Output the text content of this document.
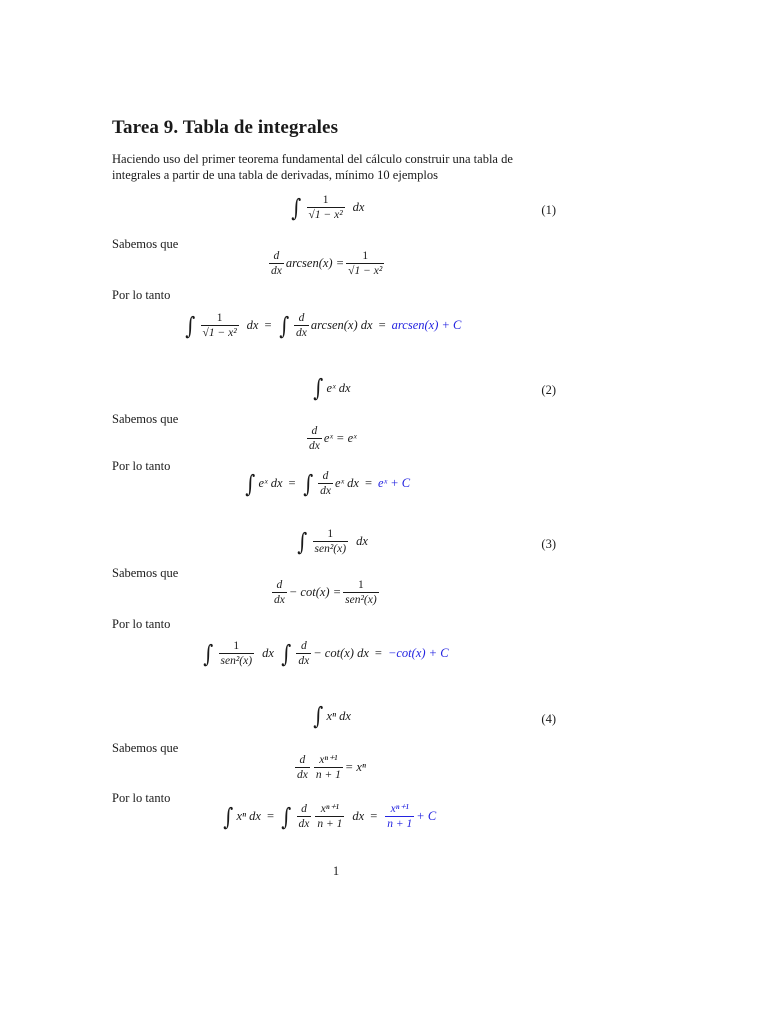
Tarea 9. Tabla de integrales

Haciendo uso del primer teorema fundamental del cálculo construir una tabla de integrales a partir de una tabla de derivadas, mínimo 10 ejemplos

∫ $\frac{1}{\text{√1 − x²}}$ dx	(1)
Sabemos que
$\frac{d}{dx}$ arcsen(x) = $\frac{1}{\text{√1 − x²}}$
Por lo tanto
∫ $\frac{1}{\text{√1 − x²}}$ dx = ∫ $\frac{d}{dx}$ arcsen(x) dx = arcsen(x) + C
∫ eˣ dx	(2)
Sabemos que
$\frac{d}{dx}$ eˣ = eˣ
Por lo tanto
∫ eˣ dx = ∫ $\frac{d}{dx}$ eˣ dx = eˣ + C
∫ $\frac{1}{\text{sen²(x)}}$ dx	(3)
Sabemos que
$\frac{d}{dx} - \cot(x) = \frac{1}{\text{sen²(x)}}$
Por lo tanto
∫ $\frac{1}{\text{sen²(x)}}$ dx ∫ $\frac{d}{dx} - \cot(x)$ dx = −cot(x) + C
∫ xⁿ dx	(4)
Sabemos que
$\frac{d}{dx} \frac{\text{xⁿ⁺¹}}{n + 1} = x^n$
Por lo tanto
∫ xⁿ dx = ∫ $\frac{d}{dx} \frac{\text{xⁿ⁺¹}}{n + 1}$ dx = $\frac{\text{xⁿ⁺¹}}{n + 1} + C$
1
